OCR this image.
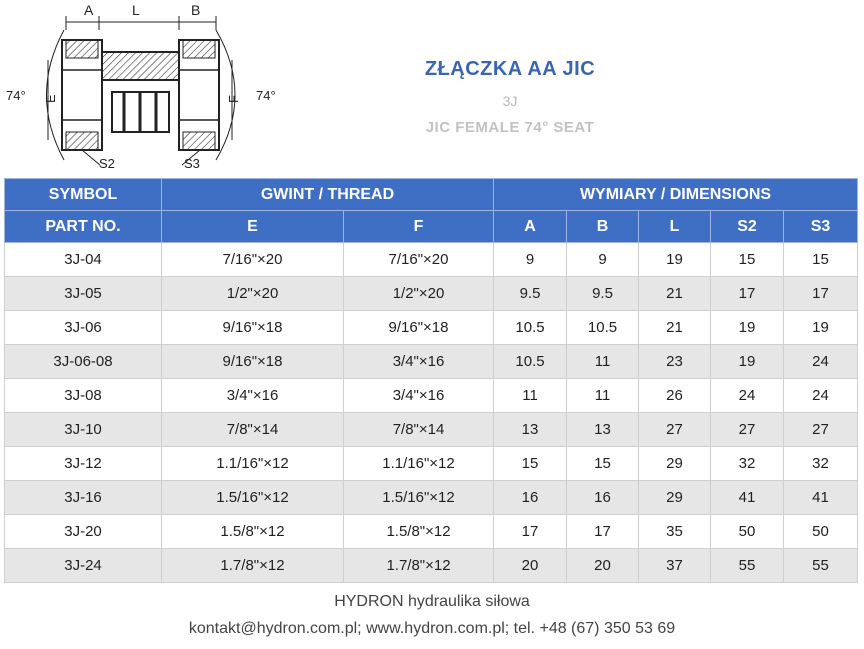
A	L	B
74°	74°
E	F
S2	S3
ZŁĄCZKA AA JIC
3J
JIC FEMALE 74° SEAT
SYMBOL	GWINT / THREAD		WYMIARY / DIMENSIONS				
PART NO.	E	F	A	B	L	S2	S3
3J-04	7/16"×20	7/16"×20	9	9	19	15	15
3J-05	1/2"×20	1/2"×20	9.5	9.5	21	17	17
3J-06	9/16"×18	9/16"×18	10.5	10.5	21	19	19
3J-06-08	9/16"×18	3/4"×16	10.5	11	23	19	24
3J-08	3/4"×16	3/4"×16	11	11	26	24	24
3J-10	7/8"×14	7/8"×14	13	13	27	27	27
3J-12	1.1/16"×12	1.1/16"×12	15	15	29	32	32
3J-16	1.5/16"×12	1.5/16"×12	16	16	29	41	41
3J-20	1.5/8"×12	1.5/8"×12	17	17	35	50	50
3J-24	1.7/8"×12	1.7/8"×12	20	20	37	55	55
HYDRON hydraulika siłowa
kontakt@hydron.com.pl; www.hydron.com.pl; tel. +48 (67) 350 53 69
